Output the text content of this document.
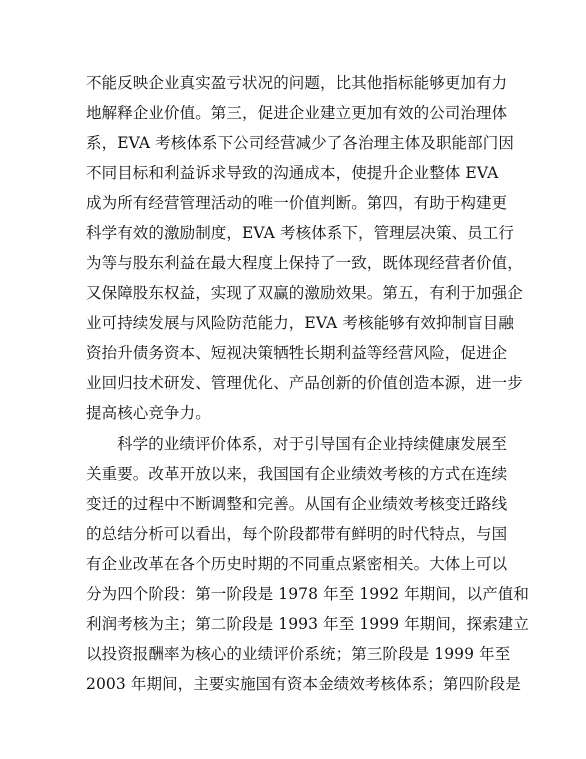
不能反映企业真实盈亏状况的问题，比其他指标能够更加有力
地解释企业价值。第三，促进企业建立更加有效的公司治理体
系，EVA 考核体系下公司经营减少了各治理主体及职能部门因
不同目标和利益诉求导致的沟通成本，使提升企业整体 EVA
成为所有经营管理活动的唯一价值判断。第四，有助于构建更
科学有效的激励制度，EVA 考核体系下，管理层决策、员工行
为等与股东利益在最大程度上保持了一致，既体现经营者价值，
又保障股东权益，实现了双赢的激励效果。第五，有利于加强企
业可持续发展与风险防范能力，EVA 考核能够有效抑制盲目融
资抬升债务资本、短视决策牺牲长期利益等经营风险，促进企
业回归技术研发、管理优化、产品创新的价值创造本源，进一步
提高核心竞争力。
科学的业绩评价体系，对于引导国有企业持续健康发展至
关重要。改革开放以来，我国国有企业绩效考核的方式在连续
变迁的过程中不断调整和完善。从国有企业绩效考核变迁路线
的总结分析可以看出，每个阶段都带有鲜明的时代特点，与国
有企业改革在各个历史时期的不同重点紧密相关。大体上可以
分为四个阶段：第一阶段是 1978 年至 1992 年期间，以产值和
利润考核为主；第二阶段是 1993 年至 1999 年期间，探索建立
以投资报酬率为核心的业绩评价系统；第三阶段是 1999 年至
2003 年期间，主要实施国有资本金绩效考核体系；第四阶段是
